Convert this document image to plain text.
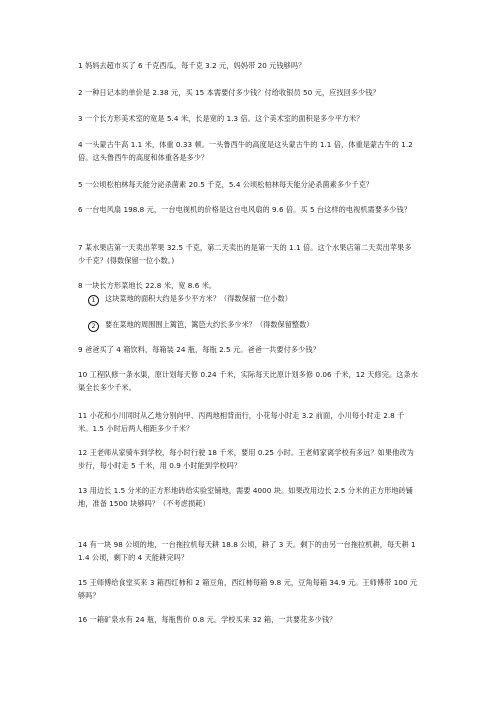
1 妈妈去超市买了 6 千克西瓜，每千克 3.2 元，妈妈带 20 元钱够吗？
2 一种日记本的单价是 2.38 元，买 15 本需要付多少钱？付给收银员 50 元，应找回多少钱？
3 一个长方形美术室的宽是 5.4 米，长是宽的 1.3 倍。这个美术室的面积是多少平方米？
4 一头蒙古牛高 1.1 米，体重 0.33 顿。一头鲁西牛的高度是这头蒙古牛的 1.1 倍，体重是蒙古牛的 1.2 倍。这头鲁西牛的高度和体重各是多少？
5 一公顷松柏林每天能分泌杀菌素 20.5 千克，5.4 公顷松柏林每天能分泌杀菌素多少千克？
6 一台电风扇 198.8 元，一台电视机的价格是这台电风扇的 9.6 倍。买 5 台这样的电视机需要多少钱？
7 某水果店第一天卖出苹果 32.5 千克，第二天卖出的是第一天的 1.1 倍。这个水果店第二天卖出苹果多少千克？(得数保留一位小数。)
8 一块长方形菜地长 22.8 米，宽 8.6 米。
1 这块菜地的面积大约是多少平方米？（得数保留一位小数）
2 要在菜地的周围围上篱笆，篱笆大约长多少米？（得数保留整数）
9 爸爸买了 4 箱饮料，每箱装 24 瓶，每瓶 2.5 元。爸爸一共要付多少钱？
10 工程队修一条水渠，原计划每天修 0.24 千米，实际每天比原计划多修 0.06 千米，12 天修完。这条水渠全长多少千米。
11 小花和小川同时从乙地分别向甲、丙两地相背而行，小花每小时走 3.2 前面，小川每小时走 2.8 千米。1.5 小时后两人相距多少千米？
12 王老师从家骑车到学校，每小时行驶 18 千米，要用 0.25 小时。王老师家离学校有多远？如果他改为步行，每小时走 5 千米，用 0.9 小时能到学校吗？
13 用边长 1.5 分米的正方形地砖给实验室铺地，需要 4000 块。如果改用边长 2.5 分米的正方形地砖铺地，准备 1500 块够吗？（不考虑损耗）
14 有一块 98 公顷的地，一台拖拉机每天耕 18.8 公顷，耕了 3 天。剩下的由另一台拖拉机耕，每天耕 11.4 公顷，剩下的 4 天能耕完吗？
15 王师傅给食堂买来 3 箱西红柿和 2 箱豆角，西红柿每箱 9.8 元，豆角每箱 34.9 元。王师傅带 100 元够吗？
16 一箱矿泉水有 24 瓶，每瓶售价 0.8 元。学校买来 32 箱，一共要花多少钱？
